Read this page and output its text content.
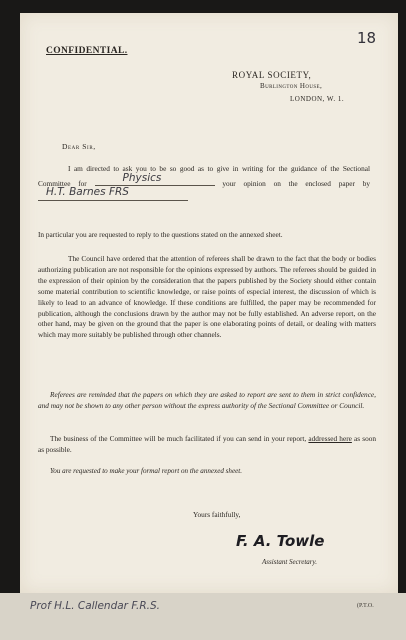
18
CONFIDENTIAL.
ROYAL SOCIETY,
Burlington House,
LONDON, W. 1.
Dear Sir,
I am directed to ask you to be so good as to give in writing for the guidance of the Sectional Committee for	Physics	your opinion on the enclosed paper by
H.T. Barnes FRS
In particular you are requested to reply to the questions stated on the annexed sheet.
The Council have ordered that the attention of referees shall be drawn to the fact that the body or bodies authorizing publication are not responsible for the opinions expressed by authors. The referees should be guided in the expression of their opinion by the consideration that the papers published by the Society should either contain some material contribution to scientific knowledge, or raise points of especial interest, the discussion of which is likely to lead to an advance of knowledge. If these conditions are fulfilled, the paper may be recommended for publication, although the conclusions drawn by the author may not be fully established. An adverse report, on the other hand, may be given on the ground that the paper is one elaborating points of detail, or dealing with matters which may more suitably be published through other channels.
Referees are reminded that the papers on which they are asked to report are sent to them in strict confidence, and may not be shown to any other person without the express authority of the Sectional Committee or Council.
The business of the Committee will be much facilitated if you can send in your report, addressed here as soon as possible.
You are requested to make your formal report on the annexed sheet.
Yours faithfully,
F. A. Towle
Assistant Secretary.
(P.T.O.
Prof H.L. Callendar F.R.S.
